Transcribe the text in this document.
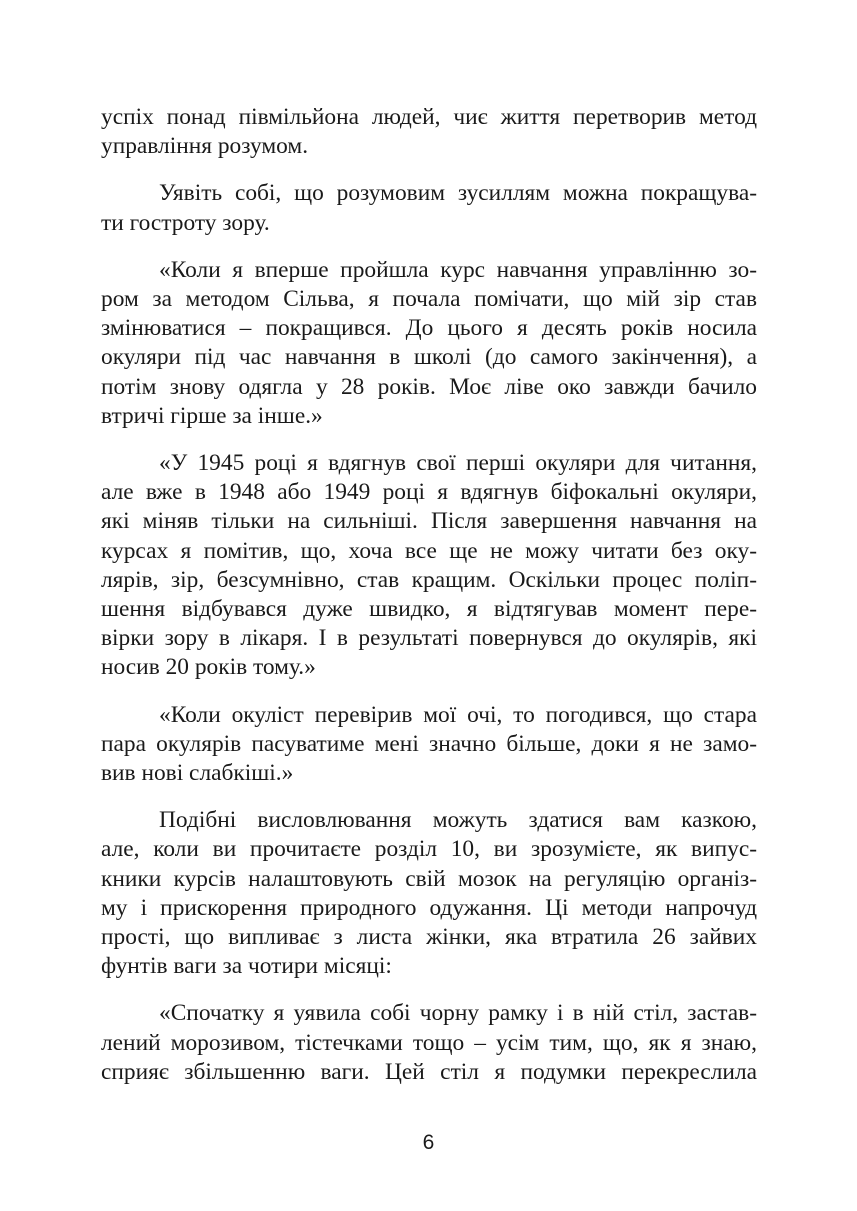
успіх понад півмільйона людей, чиє життя перетворив метод
управління розумом.

Уявіть собі, що розумовим зусиллям можна покращува-
ти гостроту зору.

«Коли я вперше пройшла курс навчання управлінню зо-
ром за методом Сільва, я почала помічати, що мій зір став
змінюватися – покращився. До цього я десять років носила
окуляри під час навчання в школі (до самого закінчення), а
потім знову одягла у 28 років. Моє ліве око завжди бачило
втричі гірше за інше.»

«У 1945 році я вдягнув свої перші окуляри для читання,
але вже в 1948 або 1949 році я вдягнув біфокальні окуляри,
які міняв тільки на сильніші. Після завершення навчання на
курсах я помітив, що, хоча все ще не можу читати без оку-
лярів, зір, безсумнівно, став кращим. Оскільки процес поліп-
шення відбувався дуже швидко, я відтягував момент пере-
вірки зору в лікаря. І в результаті повернувся до окулярів, які
носив 20 років тому.»

«Коли окуліст перевірив мої очі, то погодився, що стара
пара окулярів пасуватиме мені значно більше, доки я не замо-
вив нові слабкіші.»

Подібні висловлювання можуть здатися вам казкою,
але, коли ви прочитаєте розділ 10, ви зрозумієте, як випус-
кники курсів налаштовують свій мозок на регуляцію організ-
му і прискорення природного одужання. Ці методи напрочуд
прості, що випливає з листа жінки, яка втратила 26 зайвих
фунтів ваги за чотири місяці:

«Спочатку я уявила собі чорну рамку і в ній стіл, застав-
лений морозивом, тістечками тощо – усім тим, що, як я знаю,
сприяє збільшенню ваги. Цей стіл я подумки перекреслила

6
